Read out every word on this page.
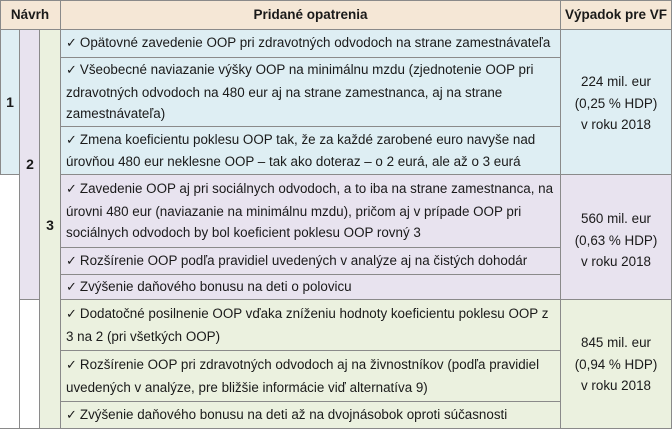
Návrh	Pridané opatrenia	Výpadok pre VF
1
2
3
✓ Opätovné zavedenie OOP pri zdravotných odvodoch na strane zamestnávateľa
✓ Všeobecné naviazanie výšky OOP na minimálnu mzdu (zjednotenie OOP pri zdravotných odvodoch na 480 eur aj na strane zamestnanca, aj na strane zamestnávateľa)
✓ Zmena koeficientu poklesu OOP tak, že za každé zarobené euro navyše nad úrovňou 480 eur neklesne OOP – tak ako doteraz – o 2 eurá, ale až o 3 eurá
✓ Zavedenie OOP aj pri sociálnych odvodoch, a to iba na strane zamestnanca, na úrovni 480 eur (naviazanie na minimálnu mzdu), pričom aj v prípade OOP pri sociálnych odvodoch by bol koeficient poklesu OOP rovný 3
✓ Rozšírenie OOP podľa pravidiel uvedených v analýze aj na čistých dohodár
✓ Zvýšenie daňového bonusu na deti o polovicu
✓ Dodatočné posilnenie OOP vďaka zníženiu hodnoty koeficientu poklesu OOP z 3 na 2 (pri všetkých OOP)
✓ Rozšírenie OOP pri zdravotných odvodoch aj na živnostníkov (podľa pravidiel uvedených v analýze, pre bližšie informácie viď alternatíva 9)
✓ Zvýšenie daňového bonusu na deti až na dvojnásobok oproti súčasnosti
224 mil. eur
(0,25 % HDP)
v roku 2018
560 mil. eur
(0,63 % HDP)
v roku 2018
845 mil. eur
(0,94 % HDP)
v roku 2018
